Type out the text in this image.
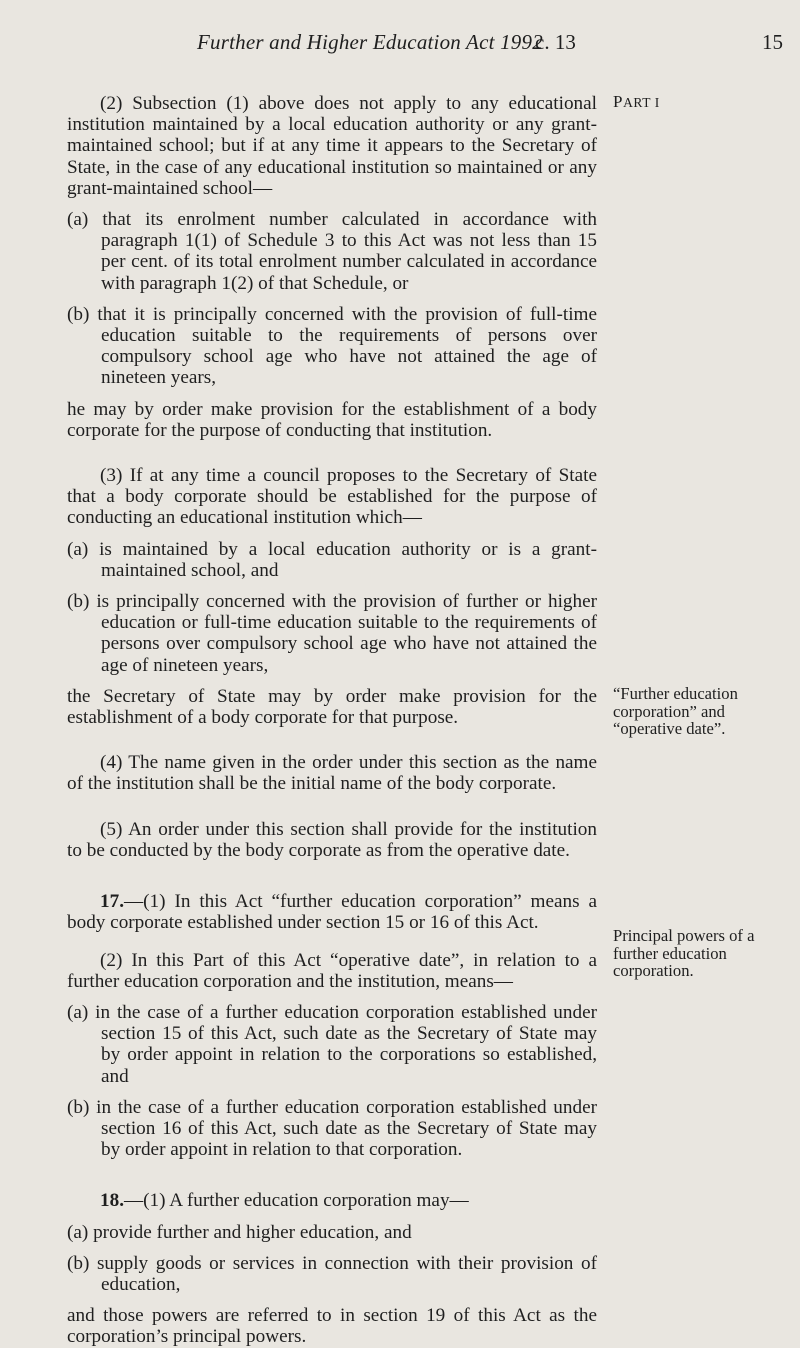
Further and Higher Education Act 1992
c. 13	15
PART I
“Further education corporation” and “operative date”.
Principal powers of a further education corporation.

(2) Subsection (1) above does not apply to any educational institution maintained by a local education authority or any grant-maintained school; but if at any time it appears to the Secretary of State, in the case of any educational institution so maintained or any grant-maintained school—

(a) that its enrolment number calculated in accordance with paragraph 1(1) of Schedule 3 to this Act was not less than 15 per cent. of its total enrolment number calculated in accordance with paragraph 1(2) of that Schedule, or

(b) that it is principally concerned with the provision of full-time education suitable to the requirements of persons over compulsory school age who have not attained the age of nineteen years,

he may by order make provision for the establishment of a body corporate for the purpose of conducting that institution.

(3) If at any time a council proposes to the Secretary of State that a body corporate should be established for the purpose of conducting an educational institution which—

(a) is maintained by a local education authority or is a grant-maintained school, and

(b) is principally concerned with the provision of further or higher education or full-time education suitable to the requirements of persons over compulsory school age who have not attained the age of nineteen years,

the Secretary of State may by order make provision for the establishment of a body corporate for that purpose.

(4) The name given in the order under this section as the name of the institution shall be the initial name of the body corporate.

(5) An order under this section shall provide for the institution to be conducted by the body corporate as from the operative date.

17.—(1) In this Act “further education corporation” means a body corporate established under section 15 or 16 of this Act.

(2) In this Part of this Act “operative date”, in relation to a further education corporation and the institution, means—

(a) in the case of a further education corporation established under section 15 of this Act, such date as the Secretary of State may by order appoint in relation to the corporations so established, and

(b) in the case of a further education corporation established under section 16 of this Act, such date as the Secretary of State may by order appoint in relation to that corporation.

18.—(1) A further education corporation may—

(a) provide further and higher education, and

(b) supply goods or services in connection with their provision of education,

and those powers are referred to in section 19 of this Act as the corporation’s principal powers.
